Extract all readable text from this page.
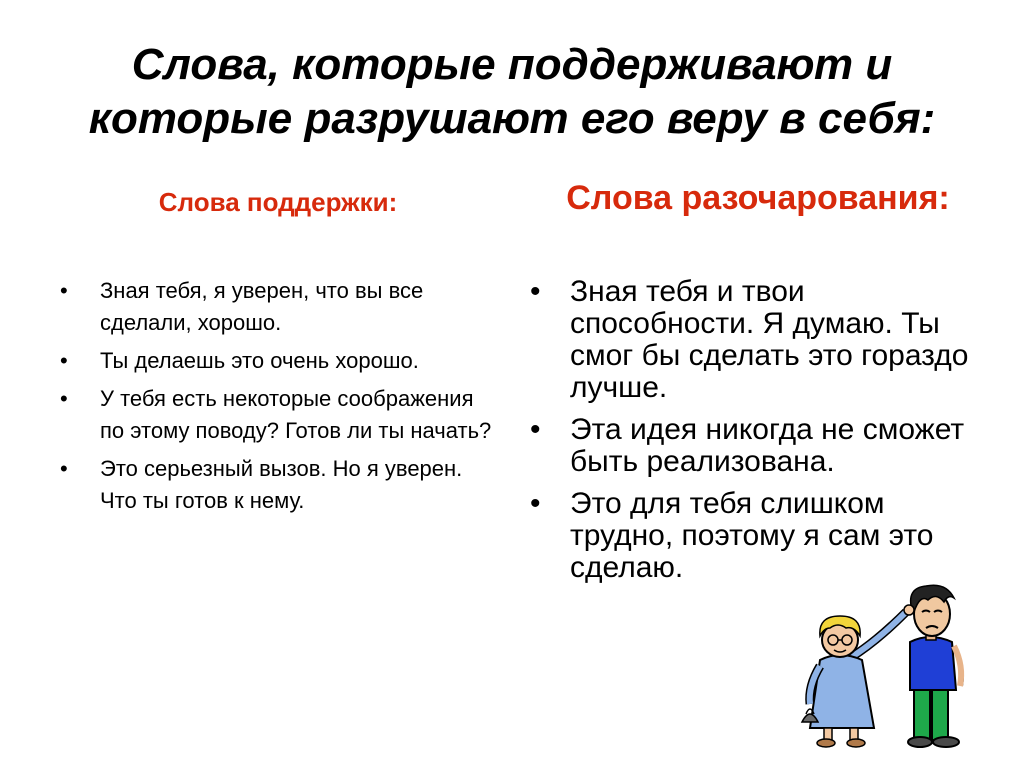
Слова, которые поддерживают и
которые разрушают его веру в себя:
Слова поддержки:	Слова разочарования:
• Зная тебя, я уверен, что вы все сделали, хорошо.
• Ты делаешь это очень хорошо.
• У тебя есть некоторые соображения по этому поводу? Готов ли ты начать?
• Это серьезный вызов. Но я уверен. Что ты готов к нему.
• Зная тебя и твои способности. Я думаю. Ты смог бы сделать это гораздо лучше.
• Эта идея никогда не сможет быть реализована.
• Это для тебя слишком трудно, поэтому я сам это сделаю.
